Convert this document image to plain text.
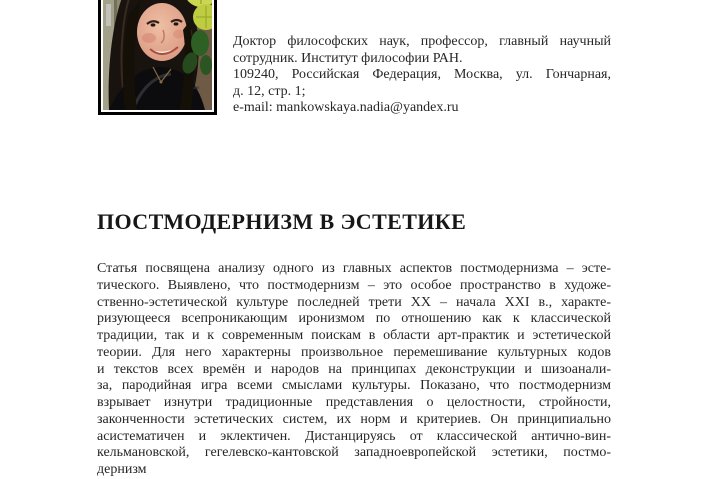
Доктор философских наук, профессор, главный научный
сотрудник. Институт философии РАН.
109240, Российская Федерация, Москва, ул. Гончарная,
д. 12, стр. 1;
e-mail: mankowskaya.nadia@yandex.ru
ПОСТМОДЕРНИЗМ В ЭСТЕТИКЕ
Статья посвящена анализу одного из главных аспектов постмодернизма – эсте-
тического. Выявлено, что постмодернизм – это особое пространство в художе-
ственно-эстетической культуре последней трети XX – начала XXI в., характе-
ризующееся всепроникающим иронизмом по отношению как к классической
традиции, так и к современным поискам в области арт-практик и эстетической
теории. Для него характерны произвольное перемешивание культурных кодов
и текстов всех времён и народов на принципах деконструкции и шизоанали-
за, пародийная игра всеми смыслами культуры. Показано, что постмодернизм
взрывает изнутри традиционные представления о целостности, стройности,
законченности эстетических систем, их норм и критериев. Он принципиально
асистематичен и эклектичен. Дистанцируясь от классической антично-вин-
кельмановской, гегелевско-кантовской западноевропейской эстетики, постмо-
дернизм
